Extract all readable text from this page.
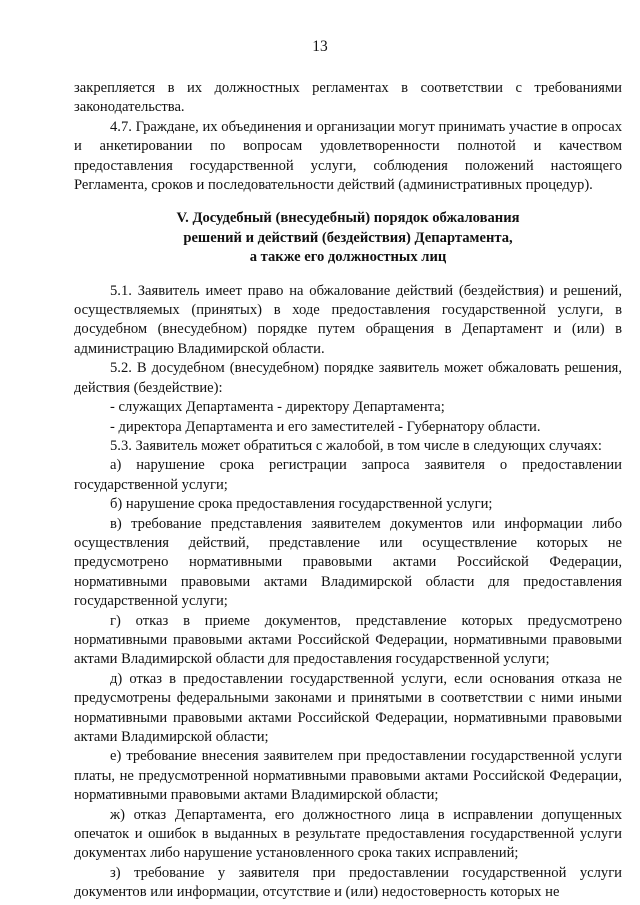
13

закрепляется в их должностных регламентах в соответствии с требованиями законодательства.

4.7. Граждане, их объединения и организации могут принимать участие в опросах и анкетировании по вопросам удовлетворенности полнотой и качеством предоставления государственной услуги, соблюдения положений настоящего Регламента, сроков и последовательности действий (административных процедур).

V. Досудебный (внесудебный) порядок обжалования
решений и действий (бездействия) Департамента,
а также его должностных лиц

5.1. Заявитель имеет право на обжалование действий (бездействия) и решений, осуществляемых (принятых) в ходе предоставления государственной услуги, в досудебном (внесудебном) порядке путем обращения в Департамент и (или) в администрацию Владимирской области.

5.2. В досудебном (внесудебном) порядке заявитель может обжаловать решения, действия (бездействие):

- служащих Департамента - директору Департамента;

- директора Департамента и его заместителей - Губернатору области.

5.3. Заявитель может обратиться с жалобой, в том числе в следующих случаях:

а) нарушение срока регистрации запроса заявителя о предоставлении государственной услуги;

б) нарушение срока предоставления государственной услуги;

в) требование представления заявителем документов или информации либо осуществления действий, представление или осуществление которых не предусмотрено нормативными правовыми актами Российской Федерации, нормативными правовыми актами Владимирской области для предоставления государственной услуги;

г) отказ в приеме документов, представление которых предусмотрено нормативными правовыми актами Российской Федерации, нормативными правовыми актами Владимирской области для предоставления государственной услуги;

д) отказ в предоставлении государственной услуги, если основания отказа не предусмотрены федеральными законами и принятыми в соответствии с ними иными нормативными правовыми актами Российской Федерации, нормативными правовыми актами Владимирской области;

е) требование внесения заявителем при предоставлении государственной услуги платы, не предусмотренной нормативными правовыми актами Российской Федерации, нормативными правовыми актами Владимирской области;

ж) отказ Департамента, его должностного лица в исправлении допущенных опечаток и ошибок в выданных в результате предоставления государственной услуги документах либо нарушение установленного срока таких исправлений;

з) требование у заявителя при предоставлении государственной услуги документов или информации, отсутствие и (или) недостоверность которых не
